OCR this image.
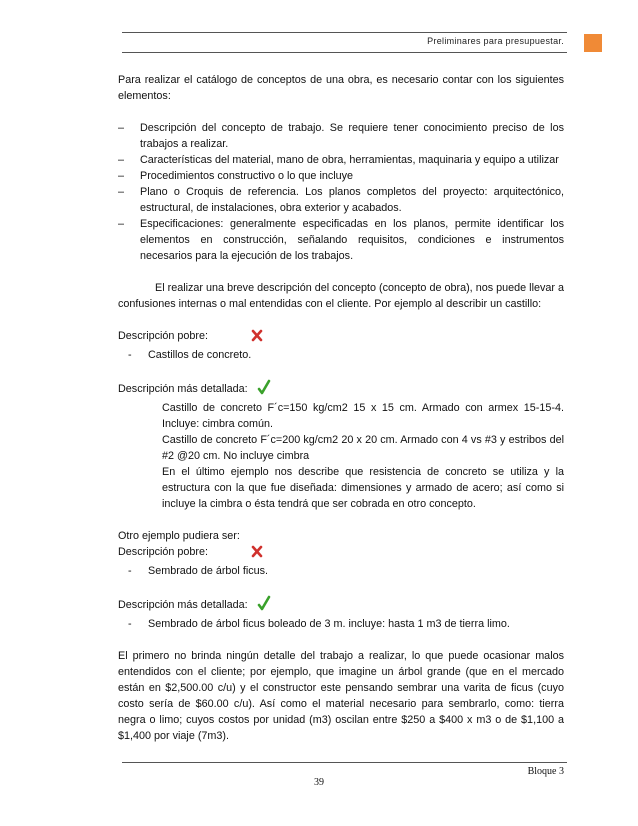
Preliminares para presupuestar.

Para realizar el catálogo de conceptos de una obra, es necesario contar con los siguientes elementos:

– Descripción del concepto de trabajo. Se requiere tener conocimiento preciso de los trabajos a realizar.
– Características del material, mano de obra, herramientas, maquinaria y equipo a utilizar
– Procedimientos constructivo o lo que incluye
– Plano o Croquis de referencia. Los planos completos del proyecto: arquitectónico, estructural, de instalaciones, obra exterior y acabados.
– Especificaciones: generalmente especificadas en los planos, permite identificar los elementos en construcción, señalando requisitos, condiciones e instrumentos necesarios para la ejecución de los trabajos.

El realizar una breve descripción del concepto (concepto de obra), nos puede llevar a confusiones internas o mal entendidas con el cliente. Por ejemplo al describir un castillo:

Descripción pobre:
- Castillos de concreto.
Descripción más detallada:
Castillo de concreto F´c=150 kg/cm2 15 x 15 cm. Armado con armex 15-15-4. Incluye: cimbra común.
Castillo de concreto F´c=200 kg/cm2 20 x 20 cm. Armado con 4 vs #3 y estribos del #2 @20 cm. No incluye cimbra
En el último ejemplo nos describe que resistencia de concreto se utiliza y la estructura con la que fue diseñada: dimensiones y armado de acero; así como si incluye la cimbra o ésta tendrá que ser cobrada en otro concepto.
Otro ejemplo pudiera ser:
Descripción pobre:
- Sembrado de árbol ficus.
Descripción más detallada:
- Sembrado de árbol ficus boleado de 3 m. incluye: hasta 1 m3 de tierra limo.

El primero no brinda ningún detalle del trabajo a realizar, lo que puede ocasionar malos entendidos con el cliente; por ejemplo, que imagine un árbol grande (que en el mercado están en $2,500.00 c/u) y el constructor este pensando sembrar una varita de ficus (cuyo costo sería de $60.00 c/u). Así como el material necesario para sembrarlo, como: tierra negra o limo; cuyos costos por unidad (m3) oscilan entre $250 a $400 x m3 o de $1,100 a $1,400 por viaje (7m3).

Bloque 3
39
